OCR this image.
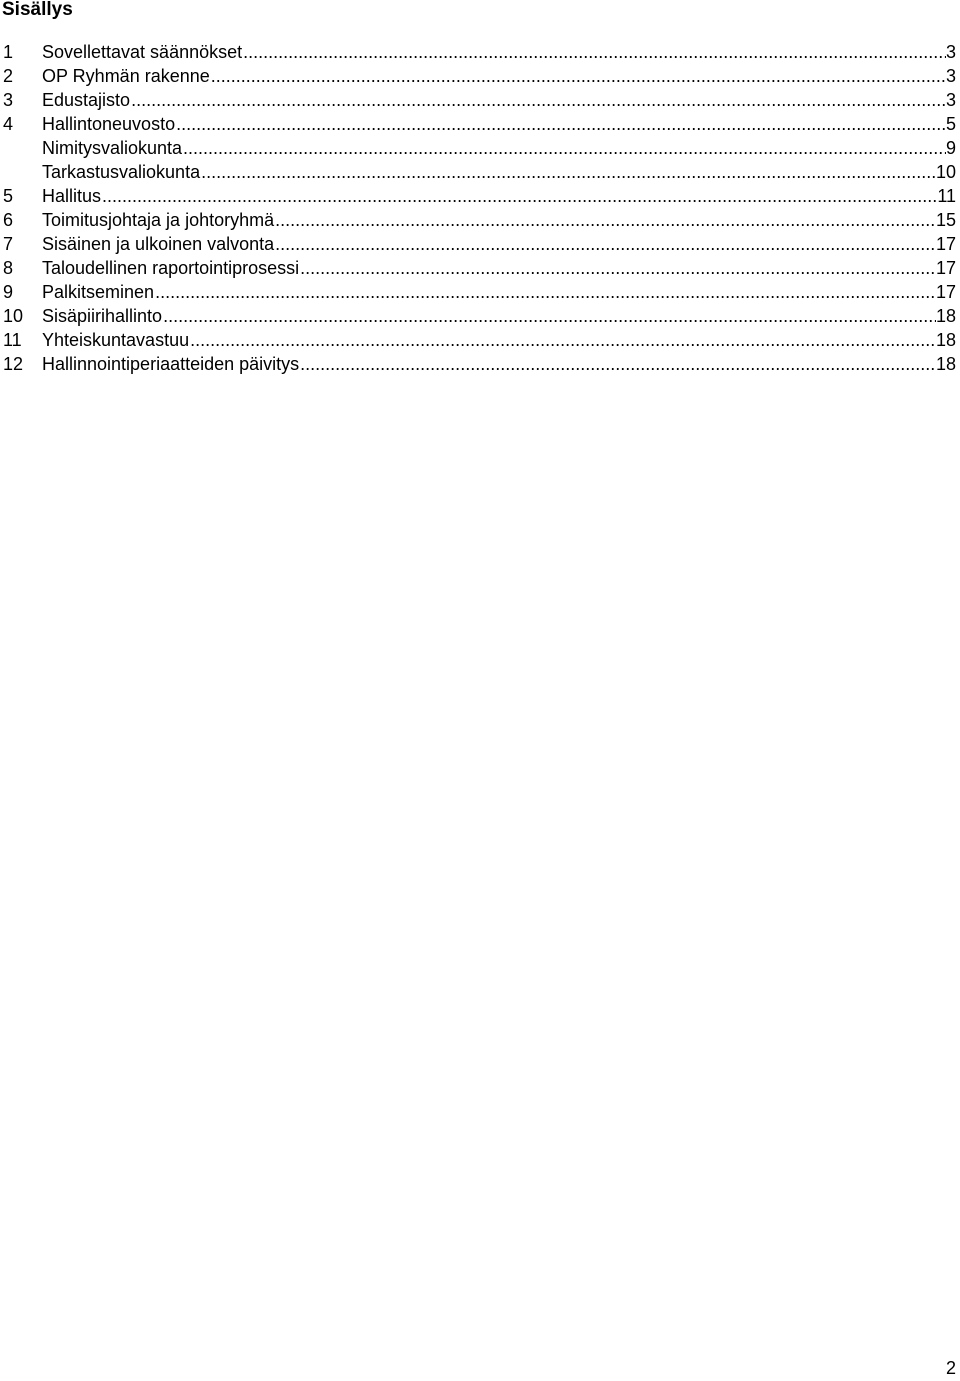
Sisällys
1 Sovellettavat säännökset .....	3
2 OP Ryhmän rakenne .....	3
3 Edustajisto .....	3
4 Hallintoneuvosto .....	5
Nimitysvaliokunta .....	9
Tarkastusvaliokunta .....	10
5 Hallitus .....	11
6 Toimitusjohtaja ja johtoryhmä .....	15
7 Sisäinen ja ulkoinen valvonta .....	17
8 Taloudellinen raportointiprosessi .....	17
9 Palkitseminen .....	17
10 Sisäpiirihallinto .....	18
11 Yhteiskuntavastuu .....	18
12 Hallinnointiperiaatteiden päivitys .....	18
2
